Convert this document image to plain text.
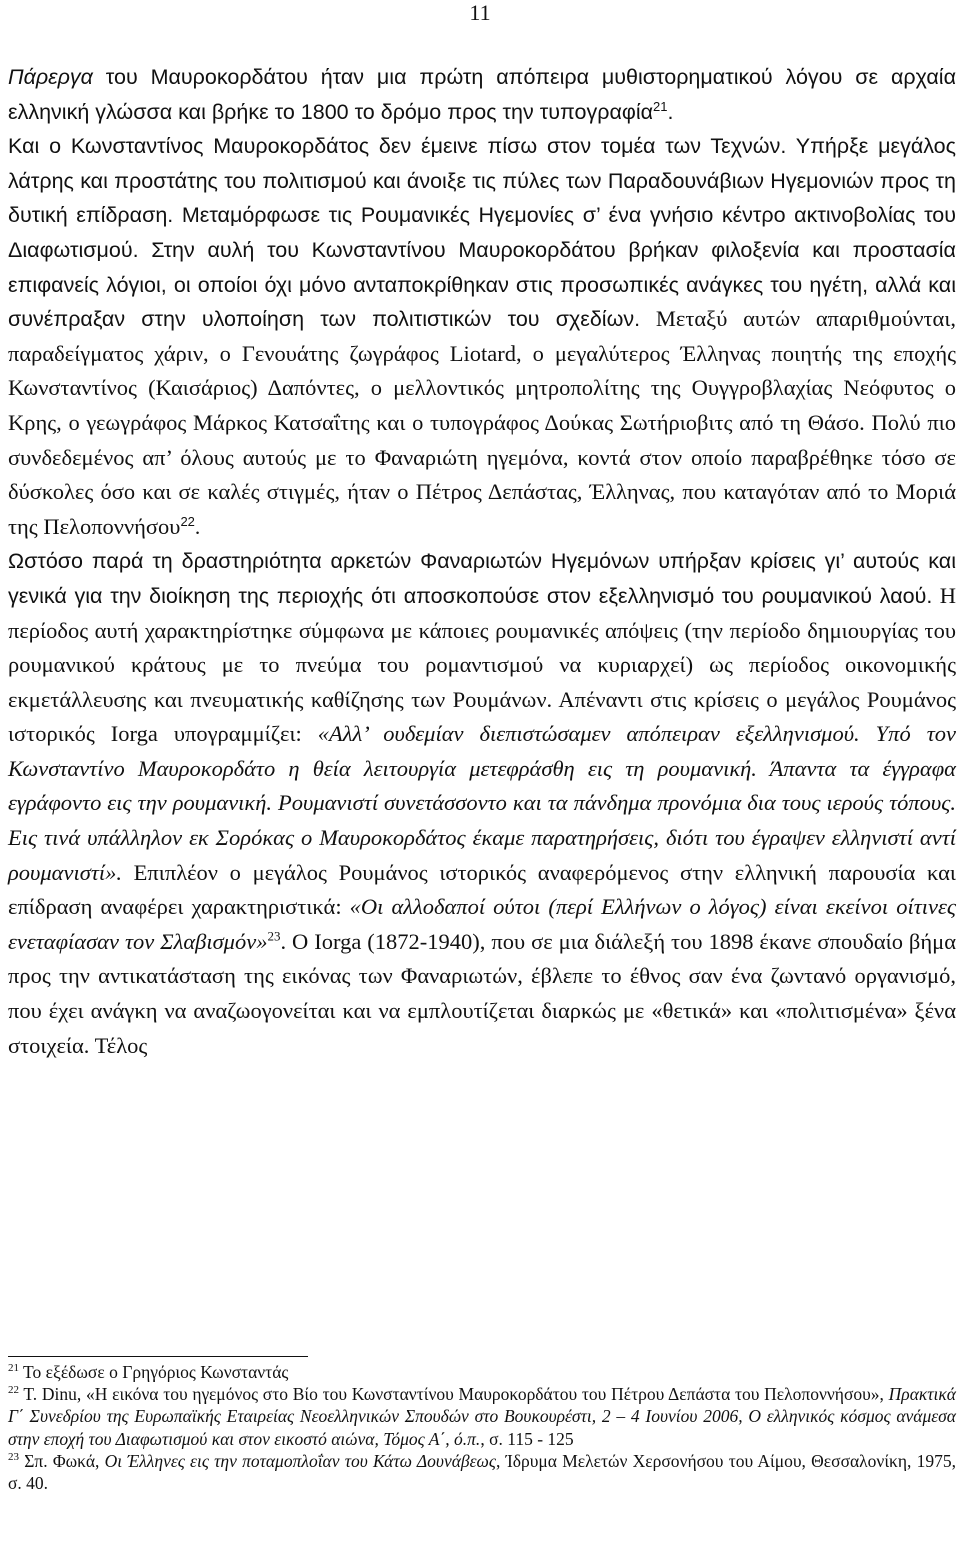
11

Πάρεργα του Μαυροκορδάτου ήταν μια πρώτη απόπειρα μυθιστορηματικού λόγου σε αρχαία ελληνική γλώσσα και βρήκε το 1800 το δρόμο προς την τυπογραφία$^{21}$.

Και ο Κωνσταντίνος Μαυροκορδάτος δεν έμεινε πίσω στον τομέα των Τεχνών. Υπήρξε μεγάλος λάτρης και προστάτης του πολιτισμού και άνοιξε τις πύλες των Παραδουνάβιων Ηγεμονιών προς τη δυτική επίδραση. Μεταμόρφωσε τις Ρουμανικές Ηγεμονίες σ’ ένα γνήσιο κέντρο ακτινοβολίας του Διαφωτισμού. Στην αυλή του Κωνσταντίνου Μαυροκορδάτου βρήκαν φιλοξενία και προστασία επιφανείς λόγιοι, οι οποίοι όχι μόνο ανταποκρίθηκαν στις προσωπικές ανάγκες του ηγέτη, αλλά και συνέπραξαν στην υλοποίηση των πολιτιστικών του σχεδίων. Μεταξύ αυτών απαριθμούνται, παραδείγματος χάριν, ο Γενουάτης ζωγράφος Liotard, ο μεγαλύτερος Έλληνας ποιητής της εποχής Κωνσταντίνος (Καισάριος) Δαπόντες, ο μελλοντικός μητροπολίτης της Ουγγροβλαχίας Νεόφυτος ο Κρης, ο γεωγράφος Μάρκος Κατσαΐτης και ο τυπογράφος Δούκας Σωτήριοβιτς από τη Θάσο. Πολύ πιο συνδεδεμένος απ’ όλους αυτούς με το Φαναριώτη ηγεμόνα, κοντά στον οποίο παραβρέθηκε τόσο σε δύσκολες όσο και σε καλές στιγμές, ήταν ο Πέτρος Δεπάστας, Έλληνας, που καταγόταν από το Μοριά της Πελοποννήσου$^{22}$.

Ωστόσο παρά τη δραστηριότητα αρκετών Φαναριωτών Ηγεμόνων υπήρξαν κρίσεις γι’ αυτούς και γενικά για την διοίκηση της περιοχής ότι αποσκοπούσε στον εξελληνισμό του ρουμανικού λαού. Η περίοδος αυτή χαρακτηρίστηκε σύμφωνα με κάποιες ρουμανικές απόψεις (την περίοδο δημιουργίας του ρουμανικού κράτους με το πνεύμα του ρομαντισμού να κυριαρχεί) ως περίοδος οικονομικής εκμετάλλευσης και πνευματικής καθίζησης των Ρουμάνων. Απέναντι στις κρίσεις ο μεγάλος Ρουμάνος ιστορικός Iorga υπογραμμίζει: «Αλλ’ ουδεμίαν διεπιστώσαμεν απόπειραν εξελληνισμού. Υπό τον Κωνσταντίνο Μαυροκορδάτο η θεία λειτουργία μετεφράσθη εις τη ρουμανική. Άπαντα τα έγγραφα εγράφοντο εις την ρουμανική. Ρουμανιστί συνετάσσοντο και τα πάνδημα προνόμια δια τους ιερούς τόπους. Εις τινά υπάλληλον εκ Σορόκας ο Μαυροκορδάτος έκαμε παρατηρήσεις, διότι του έγραψεν ελληνιστί αντί ρουμανιστί». Επιπλέον ο μεγάλος Ρουμάνος ιστορικός αναφερόμενος στην ελληνική παρουσία και επίδραση αναφέρει χαρακτηριστικά: «Οι αλλοδαποί ούτοι (περί Ελλήνων ο λόγος) είναι εκείνοι οίτινες ενεταφίασαν τον Σλαβισμόν»$^{23}$. Ο Iorga (1872-1940), που σε μια διάλεξή του 1898 έκανε σπουδαίο βήμα προς την αντικατάσταση της εικόνας των Φαναριωτών, έβλεπε το έθνος σαν ένα ζωντανό οργανισμό, που έχει ανάγκη να αναζωογονείται και να εμπλουτίζεται διαρκώς με «θετικά» και «πολιτισμένα» ξένα στοιχεία. Τέλος

$^{21}$ Το εξέδωσε ο Γρηγόριος Κωνσταντάς

$^{22}$ T. Dinu, «Η εικόνα του ηγεμόνος στο Βίο του Κωνσταντίνου Μαυροκορδάτου του Πέτρου Δεπάστα του Πελοποννήσου», Πρακτικά Γ΄ Συνεδρίου της Ευρωπαϊκής Εταιρείας Νεοελληνικών Σπουδών στο Βουκουρέστι, 2 – 4 Ιουνίου 2006, Ο ελληνικός κόσμος ανάμεσα στην εποχή του Διαφωτισμού και στον εικοστό αιώνα, Τόμος Α΄, ό.π., σ. 115 - 125

$^{23}$ Σπ. Φωκά, Οι Έλληνες εις την ποταμοπλοΐαν του Κάτω Δουνάβεως, Ίδρυμα Μελετών Χερσονήσου του Αίμου, Θεσσαλονίκη, 1975, σ. 40.
